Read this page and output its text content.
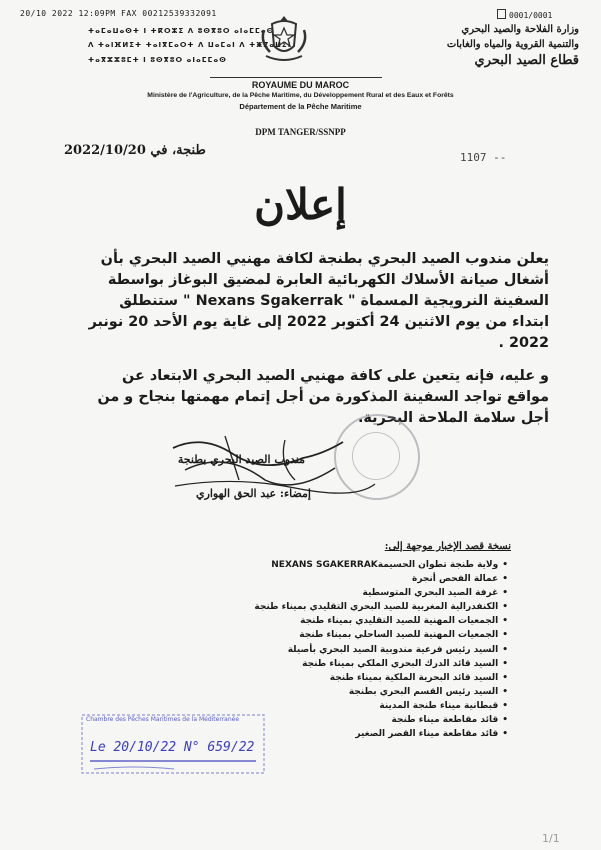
20/10 2022 12:09PM FAX 00212539332091	0001/0001
ⵜⴰⵎⴰⵡⴰⵙⵜ ⵏ ⵜⴽⵔⵣⵉ ⴷ ⵓⵙⴳⵓⵔ ⴰⵏⴰⵎⵎⴰⵙ
ⴷ ⵜⴰⵏⴼⵍⵉⵜ ⵜⴰⵏⴳⵎⴰⵔⵜ ⴷ ⵡⴰⵎⴰⵏ ⴷ ⵜⵥⴳⴰⵡⵉⵏ
ⵜⴰⴳⵣⵣⵓⵎⵜ ⵏ ⵓⵙⴳⵓⵔ ⴰⵏⴰⵎⵎⴰⵙ
وزارة الفلاحة والصيد البحري
والتنمية القروية والمياه والغابات
قطاع الصيد البحري
ROYAUME DU MAROC
Ministère de l'Agriculture, de la Pêche Maritime, du Développement Rural et des Eaux et Forêts
Département de la Pêche Maritime
DPM TANGER/SSNPP
طنجة، في 2022/10/20	1107 --
إعلان
يعلن مندوب الصيد البحري بطنجة لكافة مهنيي الصيد البحري بأن
أشغال صيانة الأسلاك الكهربائية العابرة لمضيق البوغاز بواسطة
السفينة النرويجية المسماة " Nexans Sgakerrak " ستنطلق
ابتداء من يوم الاثنين 24 أكتوبر 2022 إلى غاية يوم الأحد 20 نونبر
2022 .
و عليه، فإنه يتعين على كافة مهنيي الصيد البحري الابتعاد عن
مواقع تواجد السفينة المذكورة من أجل إتمام مهمتها بنجاح و من
أجل سلامة الملاحة البحرية.
مندوب الصيد البحري بطنجة
إمضاء: عبد الحق الهواري
نسخة قصد الإخبار موجهة إلى:
• ولاية طنجة تطوان الحسيمةNEXANS SGAKERRAK
• عمالة الفحص أنجرة
• غرفة الصيد البحري المتوسطية
• الكنفدرالية المغربية للصيد البحري التقليدي بميناء طنجة
• الجمعيات المهنية للصيد التقليدي بميناء طنجة
• الجمعيات المهنية للصيد الساحلي بميناء طنجة
• السيد رئيس فرعية مندوبية الصيد البحري بأصيلة
• السيد قائد الدرك البحري الملكي بميناء طنجة
• السيد قائد البحرية الملكية بميناء طنجة
• السيد رئيس القسم البحري بطنجة
• قبطانية ميناء طنجة المدينة
• قائد مقاطعة ميناء طنجة
• قائد مقاطعة ميناء القصر الصغير
Chambre des Pêches Maritimes de la Méditerranée
Le 20/10/22 N° 659/22
1/1
